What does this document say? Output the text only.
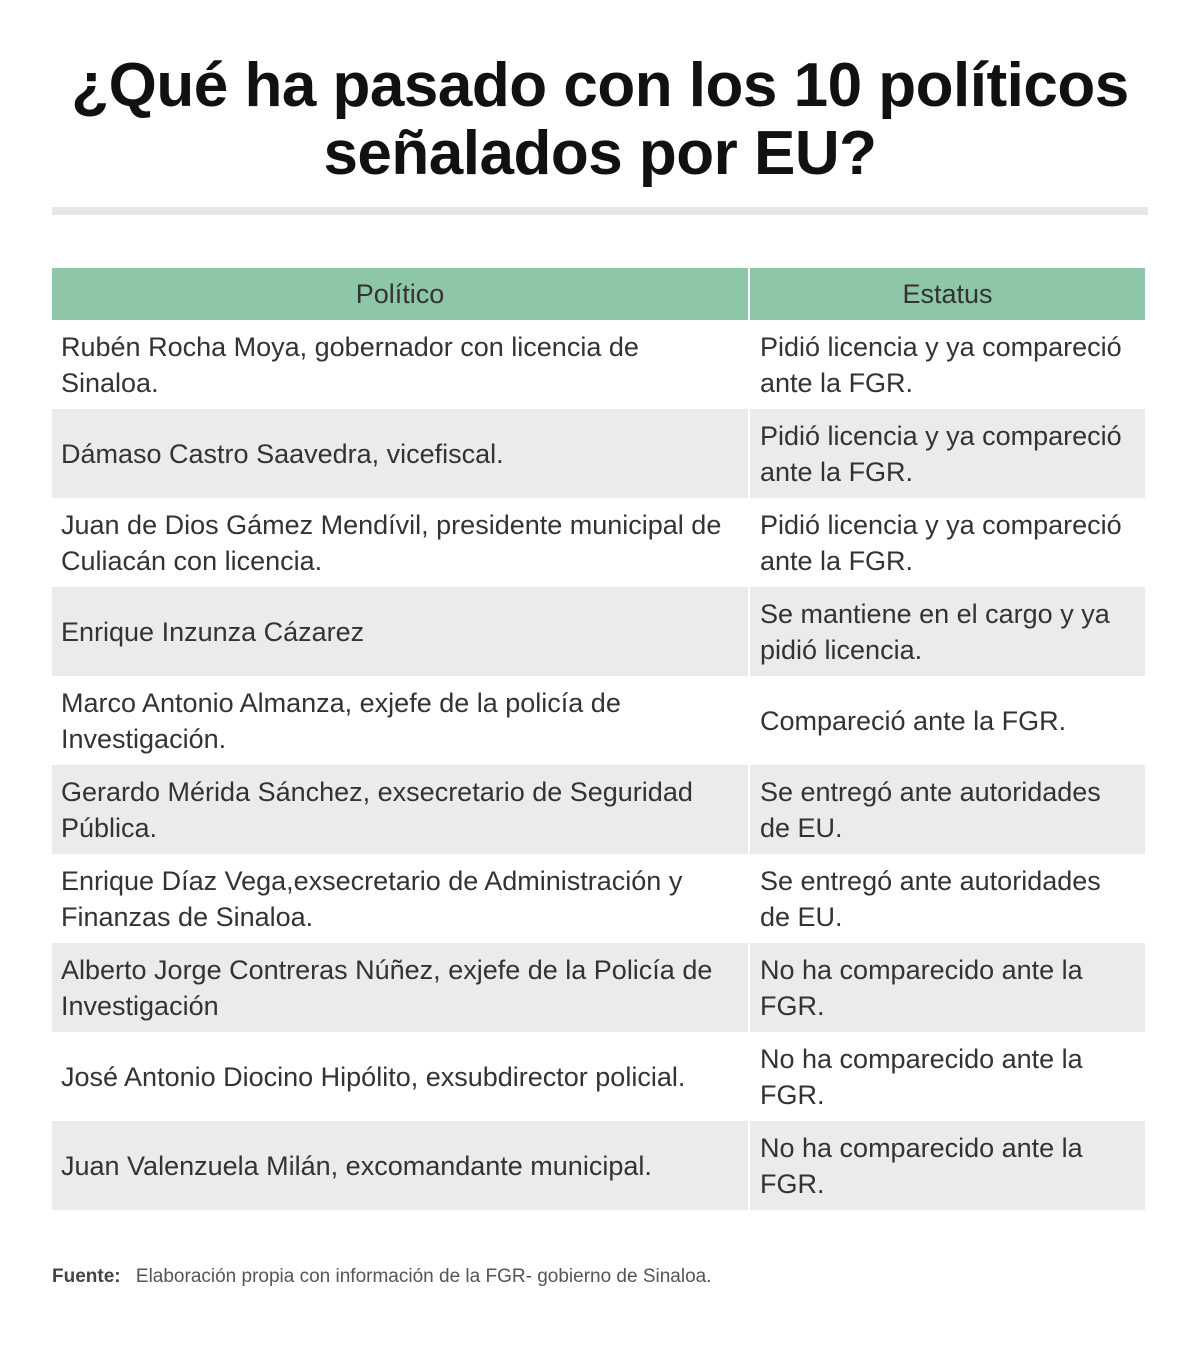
¿Qué ha pasado con los 10 políticos
señalados por EU?
Político	Estatus
Rubén Rocha Moya, gobernador con licencia de Sinaloa.
Pidió licencia y ya compareció ante la FGR.
Dámaso Castro Saavedra, vicefiscal.
Pidió licencia y ya compareció ante la FGR.
Juan de Dios Gámez Mendívil, presidente municipal de Culiacán con licencia.
Pidió licencia y ya compareció ante la FGR.
Enrique Inzunza Cázarez
Se mantiene en el cargo y ya pidió licencia.
Marco Antonio Almanza, exjefe de la policía de Investigación.
Compareció ante la FGR.
Gerardo Mérida Sánchez, exsecretario de Seguridad Pública.
Se entregó ante autoridades de EU.
Enrique Díaz Vega,exsecretario de Administración y Finanzas de Sinaloa.
Se entregó ante autoridades de EU.
Alberto Jorge Contreras Núñez, exjefe de la Policía de Investigación
No ha comparecido ante la FGR.
José Antonio Diocino Hipólito, exsubdirector policial.
No ha comparecido ante la FGR.
Juan Valenzuela Milán, excomandante municipal.
No ha comparecido ante la FGR.
Fuente: Elaboración propia con información de la FGR- gobierno de Sinaloa.
